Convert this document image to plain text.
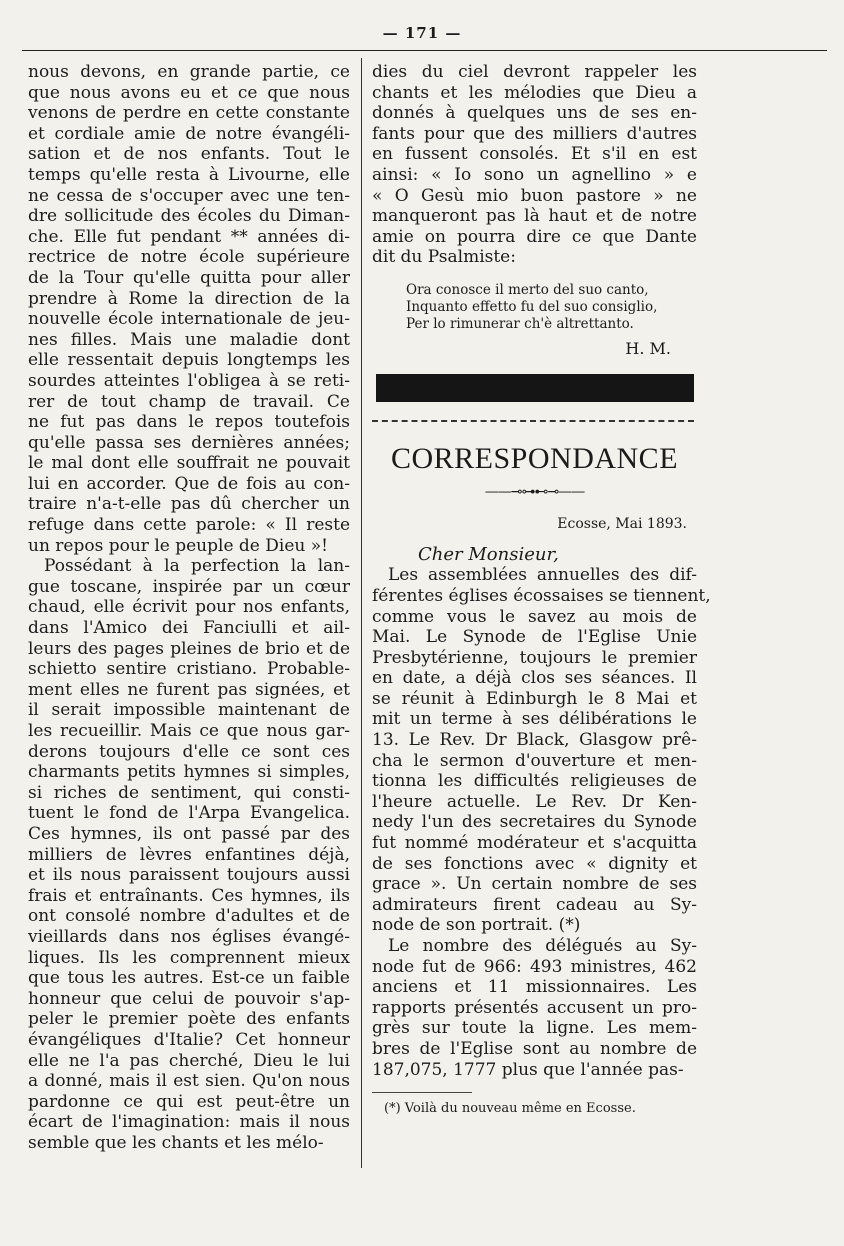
— 171 —
nous devons, en grande partie, ce
que nous avons eu et ce que nous
venons de perdre en cette constante
et cordiale amie de notre évangéli-
sation et de nos enfants. Tout le
temps qu'elle resta à Livourne, elle
ne cessa de s'occuper avec une ten-
dre sollicitude des écoles du Diman-
che. Elle fut pendant ** années di-
rectrice de notre école supérieure
de la Tour qu'elle quitta pour aller
prendre à Rome la direction de la
nouvelle école internationale de jeu-
nes filles. Mais une maladie dont
elle ressentait depuis longtemps les
sourdes atteintes l'obligea à se reti-
rer de tout champ de travail. Ce
ne fut pas dans le repos toutefois
qu'elle passa ses dernières années;
le mal dont elle souffrait ne pouvait
lui en accorder. Que de fois au con-
traire n'a-t-elle pas dû chercher un
refuge dans cette parole: « Il reste
un repos pour le peuple de Dieu »!
Possédant à la perfection la lan-
gue toscane, inspirée par un cœur
chaud, elle écrivit pour nos enfants,
dans l'Amico dei Fanciulli et ail-
leurs des pages pleines de brio et de
schietto sentire cristiano. Probable-
ment elles ne furent pas signées, et
il serait impossible maintenant de
les recueillir. Mais ce que nous gar-
derons toujours d'elle ce sont ces
charmants petits hymnes si simples,
si riches de sentiment, qui consti-
tuent le fond de l'Arpa Evangelica.
Ces hymnes, ils ont passé par des
milliers de lèvres enfantines déjà,
et ils nous paraissent toujours aussi
frais et entraînants. Ces hymnes, ils
ont consolé nombre d'adultes et de
vieillards dans nos églises évangé-
liques. Ils les comprennent mieux
que tous les autres. Est-ce un faible
honneur que celui de pouvoir s'ap-
peler le premier poète des enfants
évangéliques d'Italie? Cet honneur
elle ne l'a pas cherché, Dieu le lui
a donné, mais il est sien. Qu'on nous
pardonne ce qui est peut-être un
écart de l'imagination: mais il nous
semble que les chants et les mélo-
dies du ciel devront rappeler les
chants et les mélodies que Dieu a
donnés à quelques uns de ses en-
fants pour que des milliers d'autres
en fussent consolés. Et s'il en est
ainsi: « Io sono un agnellino » e
« O Gesù mio buon pastore » ne
manqueront pas là haut et de notre
amie on pourra dire ce que Dante
dit du Psalmiste:
Ora conosce il merto del suo canto,
Inquanto effetto fu del suo consiglio,
Per lo rimunerar ch'è altrettanto.
H. M.
CORRESPONDANCE
——⊸⊶⊷⊸——
Ecosse, Mai 1893.
Cher Monsieur,
Les assemblées annuelles des dif-
férentes églises écossaises se tiennent,
comme vous le savez au mois de
Mai. Le Synode de l'Eglise Unie
Presbytérienne, toujours le premier
en date, a déjà clos ses séances. Il
se réunit à Edinburgh le 8 Mai et
mit un terme à ses délibérations le
13. Le Rev. Dr Black, Glasgow prê-
cha le sermon d'ouverture et men-
tionna les difficultés religieuses de
l'heure actuelle. Le Rev. Dr Ken-
nedy l'un des secretaires du Synode
fut nommé modérateur et s'acquitta
de ses fonctions avec « dignity et
grace ». Un certain nombre de ses
admirateurs firent cadeau au Sy-
node de son portrait. (*)
Le nombre des délégués au Sy-
node fut de 966: 493 ministres, 462
anciens et 11 missionnaires. Les
rapports présentés accusent un pro-
grès sur toute la ligne. Les mem-
bres de l'Eglise sont au nombre de
187,075, 1777 plus que l'année pas-
(*) Voilà du nouveau même en Ecosse.
